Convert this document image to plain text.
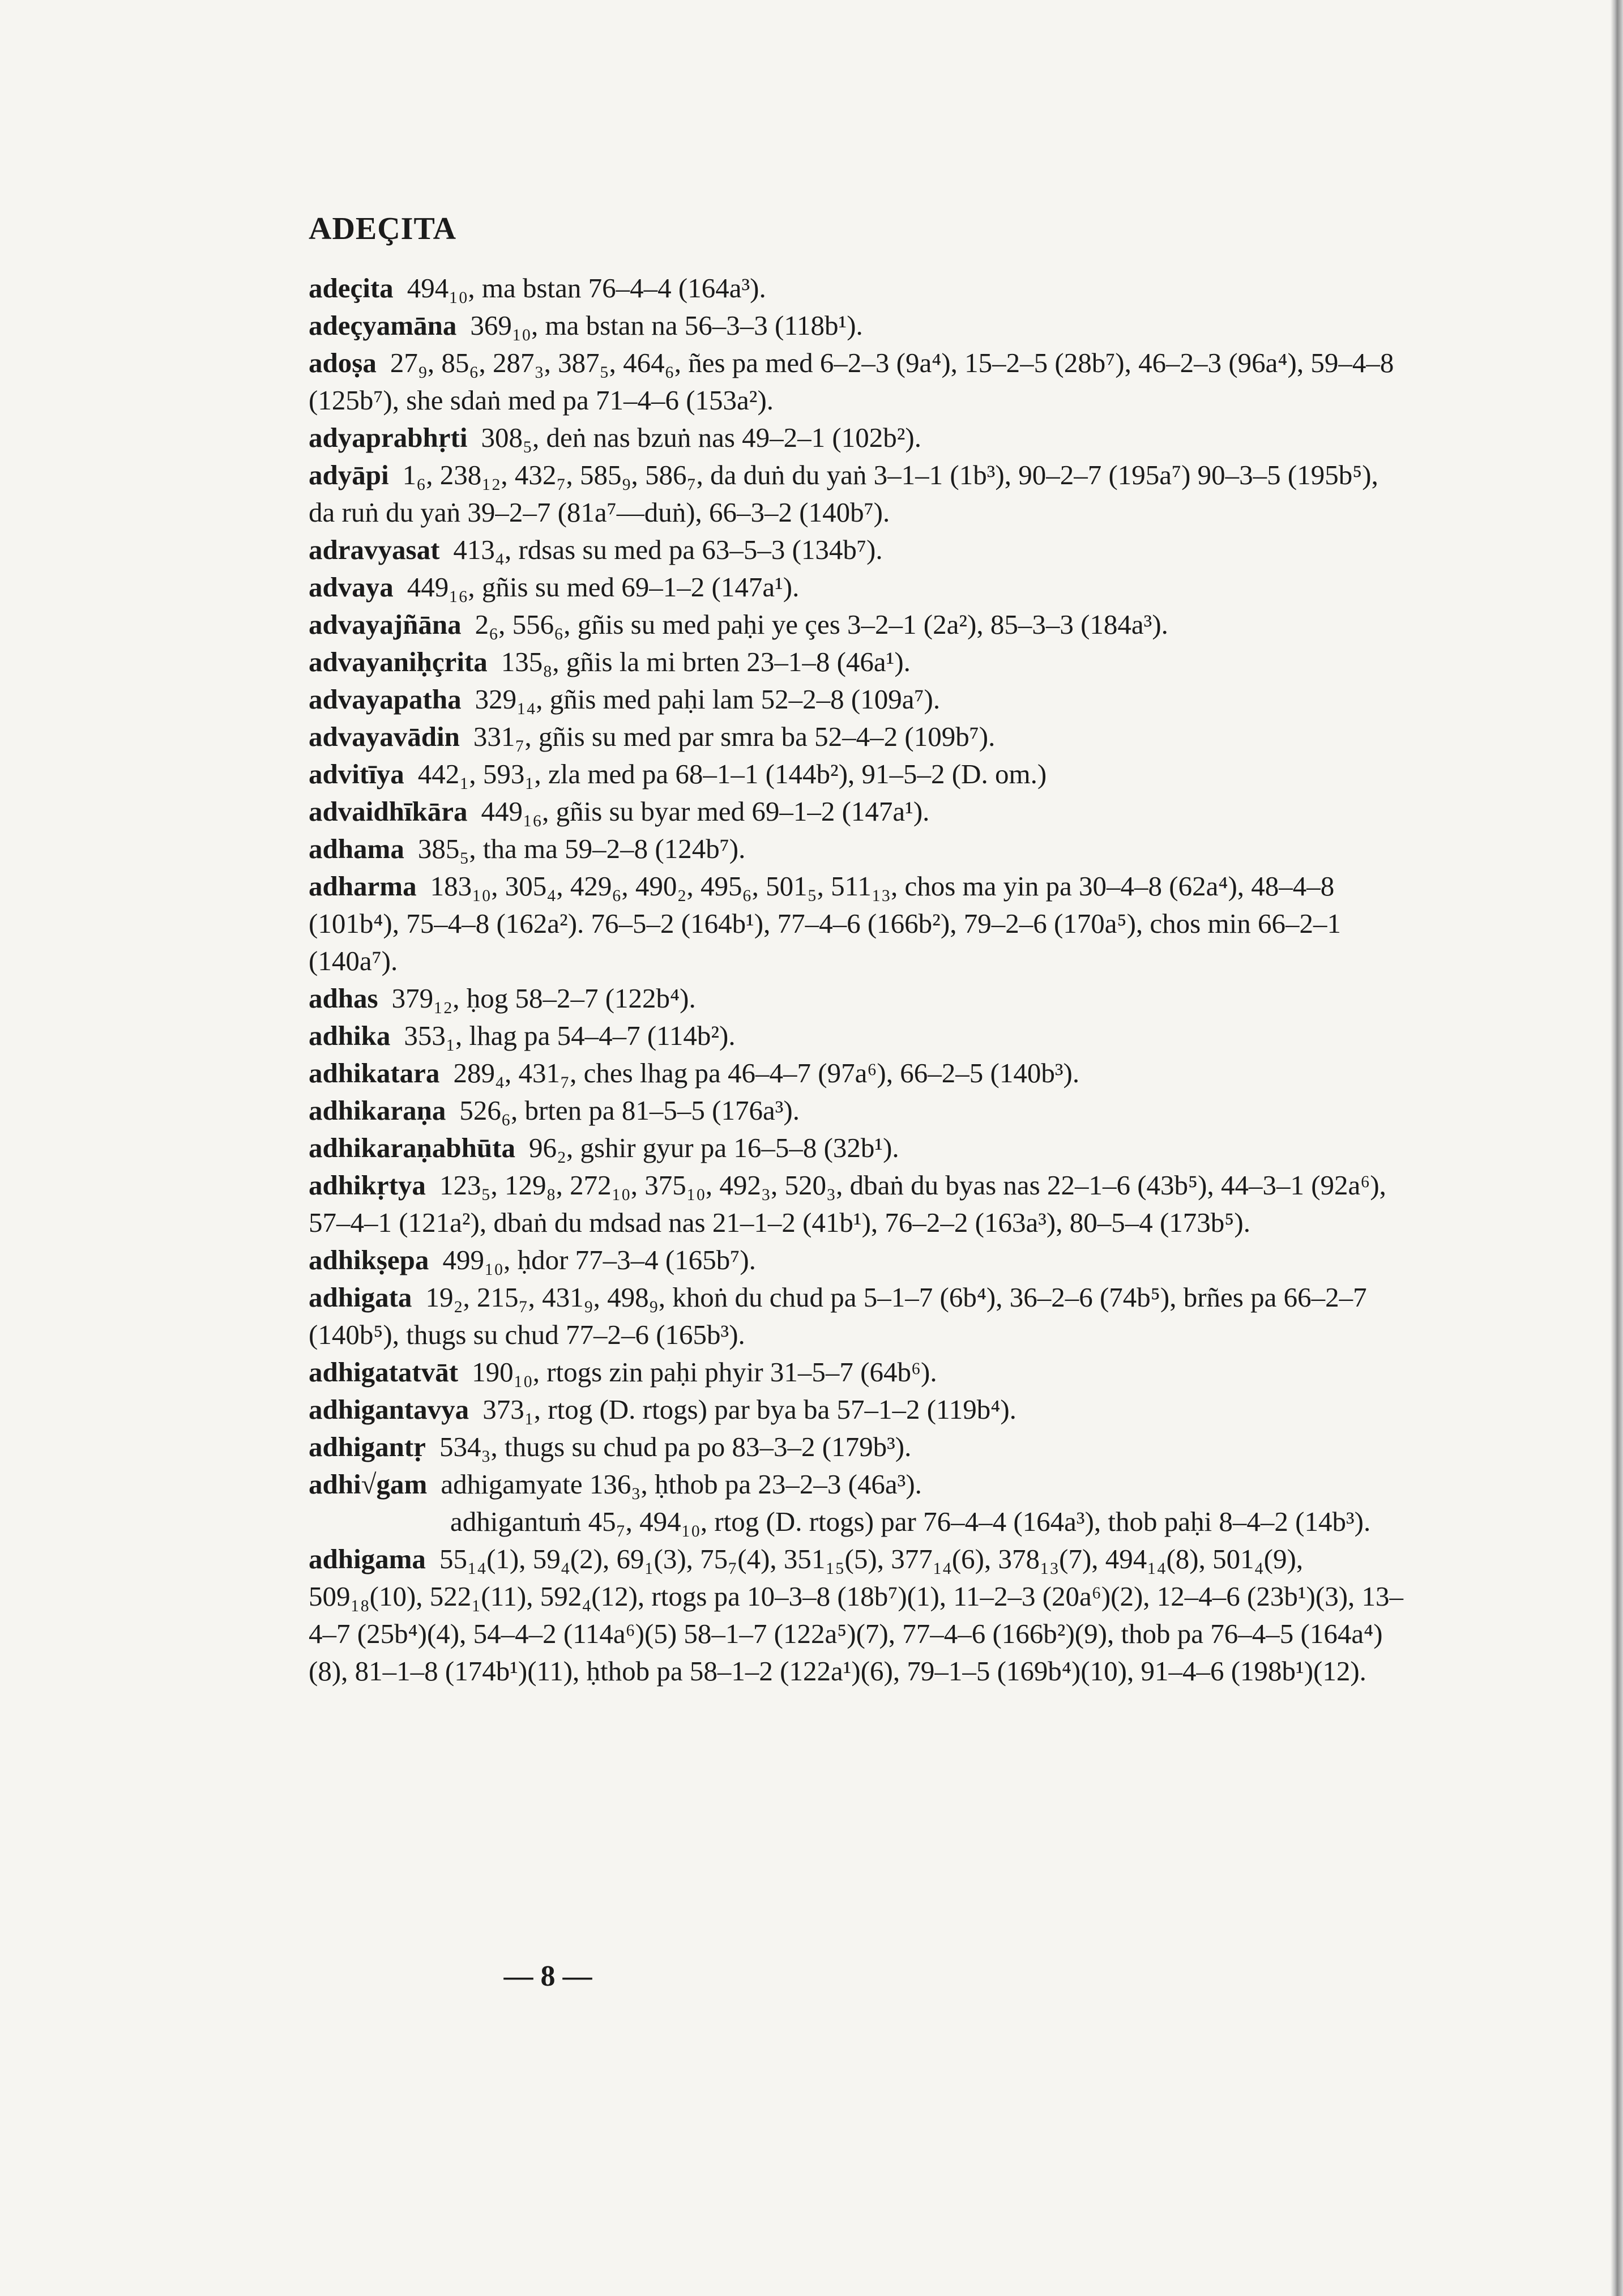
ADEÇITA
adeçita 494₁₀, ma bstan 76–4–4 (164a³).
adeçyamāna 369₁₀, ma bstan na 56–3–3 (118b¹).
adoṣa 27₉, 85₆, 287₃, 387₅, 464₆, ñes pa med 6–2–3 (9a⁴), 15–2–5 (28b⁷), 46–2–3 (96a⁴), 59–4–8 (125b⁷), she sdaṅ med pa 71–4–6 (153a²).
adyaprabhṛti 308₅, deṅ nas bzuṅ nas 49–2–1 (102b²).
adyāpi 1₆, 238₁₂, 432₇, 585₉, 586₇, da duṅ du yaṅ 3–1–1 (1b³), 90–2–7 (195a⁷) 90–3–5 (195b⁵), da ruṅ du yaṅ 39–2–7 (81a⁷—duṅ), 66–3–2 (140b⁷).
adravyasat 413₄, rdsas su med pa 63–5–3 (134b⁷).
advaya 449₁₆, gñis su med 69–1–2 (147a¹).
advayajñāna 2₆, 556₆, gñis su med paḥi ye çes 3–2–1 (2a²), 85–3–3 (184a³).
advayaniḥçrita 135₈, gñis la mi brten 23–1–8 (46a¹).
advayapatha 329₁₄, gñis med paḥi lam 52–2–8 (109a⁷).
advayavādin 331₇, gñis su med par smra ba 52–4–2 (109b⁷).
advitīya 442₁, 593₁, zla med pa 68–1–1 (144b²), 91–5–2 (D. om.)
advaidhīkāra 449₁₆, gñis su byar med 69–1–2 (147a¹).
adhama 385₅, tha ma 59–2–8 (124b⁷).
adharma 183₁₀, 305₄, 429₆, 490₂, 495₆, 501₅, 511₁₃, chos ma yin pa 30–4–8 (62a⁴), 48–4–8 (101b⁴), 75–4–8 (162a²). 76–5–2 (164b¹), 77–4–6 (166b²), 79–2–6 (170a⁵), chos min 66–2–1 (140a⁷).
adhas 379₁₂, ḥog 58–2–7 (122b⁴).
adhika 353₁, lhag pa 54–4–7 (114b²).
adhikatara 289₄, 431₇, ches lhag pa 46–4–7 (97a⁶), 66–2–5 (140b³).
adhikaraṇa 526₆, brten pa 81–5–5 (176a³).
adhikaraṇabhūta 96₂, gshir gyur pa 16–5–8 (32b¹).
adhikṛtya 123₅, 129₈, 272₁₀, 375₁₀, 492₃, 520₃, dbaṅ du byas nas 22–1–6 (43b⁵), 44–3–1 (92a⁶), 57–4–1 (121a²), dbaṅ du mdsad nas 21–1–2 (41b¹), 76–2–2 (163a³), 80–5–4 (173b⁵).
adhikṣepa 499₁₀, ḥdor 77–3–4 (165b⁷).
adhigata 19₂, 215₇, 431₉, 498₉, khoṅ du chud pa 5–1–7 (6b⁴), 36–2–6 (74b⁵), brñes pa 66–2–7 (140b⁵), thugs su chud 77–2–6 (165b³).
adhigatatvāt 190₁₀, rtogs zin paḥi phyir 31–5–7 (64b⁶).
adhigantavya 373₁, rtog (D. rtogs) par bya ba 57–1–2 (119b⁴).
adhigantṛ 534₃, thugs su chud pa po 83–3–2 (179b³).
adhi√gam adhigamyate 136₃, ḥthob pa 23–2–3 (46a³).
adhigantuṁ 45₇, 494₁₀, rtog (D. rtogs) par 76–4–4 (164a³), thob paḥi 8–4–2 (14b³).
adhigama 55₁₄(1), 59₄(2), 69₁(3), 75₇(4), 351₁₅(5), 377₁₄(6), 378₁₃(7), 494₁₄(8), 501₄(9), 509₁₈(10), 522₁(11), 592₄(12), rtogs pa 10–3–8 (18b⁷)(1), 11–2–3 (20a⁶)(2), 12–4–6 (23b¹)(3), 13–4–7 (25b⁴)(4), 54–4–2 (114a⁶)(5) 58–1–7 (122a⁵)(7), 77–4–6 (166b²)(9), thob pa 76–4–5 (164a⁴)(8), 81–1–8 (174b¹)(11), ḥthob pa 58–1–2 (122a¹)(6), 79–1–5 (169b⁴)(10), 91–4–6 (198b¹)(12).
— 8 —
